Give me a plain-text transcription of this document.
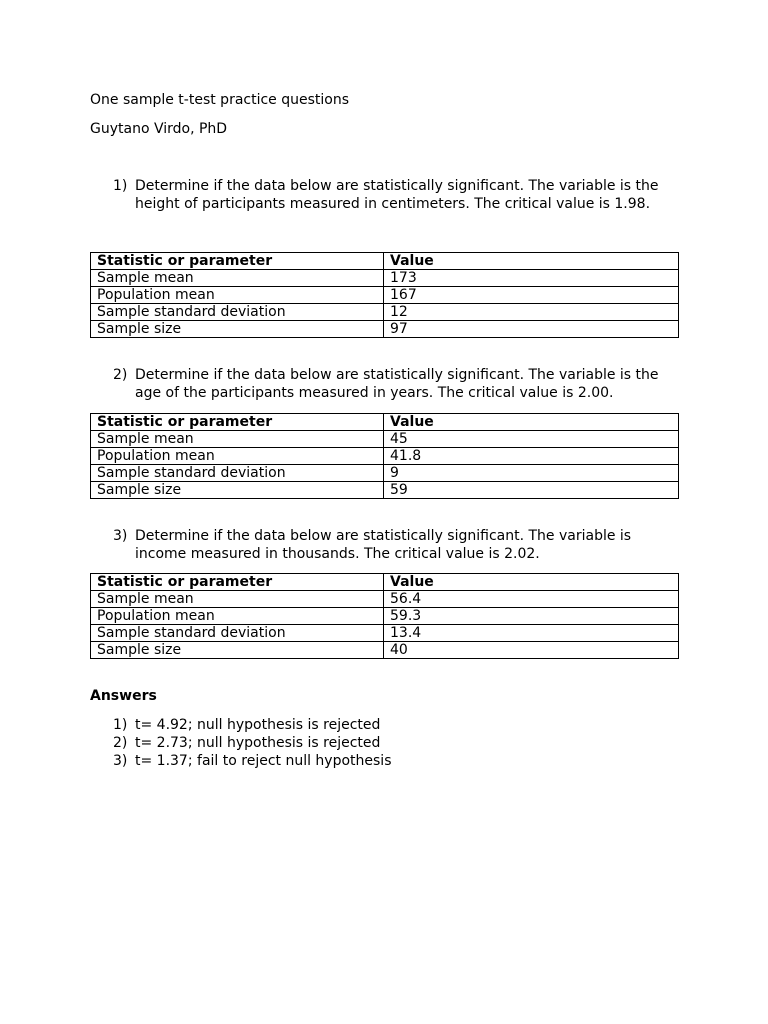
One sample t-test practice questions
Guytano Virdo, PhD
1) Determine if the data below are statistically significant. The variable is the height of participants measured in centimeters. The critical value is 1.98.
Statistic or parameter	Value
Sample mean	173
Population mean	167
Sample standard deviation	12
Sample size	97
2) Determine if the data below are statistically significant. The variable is the age of the participants measured in years. The critical value is 2.00.
Statistic or parameter	Value
Sample mean	45
Population mean	41.8
Sample standard deviation	9
Sample size	59
3) Determine if the data below are statistically significant. The variable is income measured in thousands. The critical value is 2.02.
Statistic or parameter	Value
Sample mean	56.4
Population mean	59.3
Sample standard deviation	13.4
Sample size	40
Answers
1) t= 4.92; null hypothesis is rejected
2) t= 2.73; null hypothesis is rejected
3) t= 1.37; fail to reject null hypothesis
